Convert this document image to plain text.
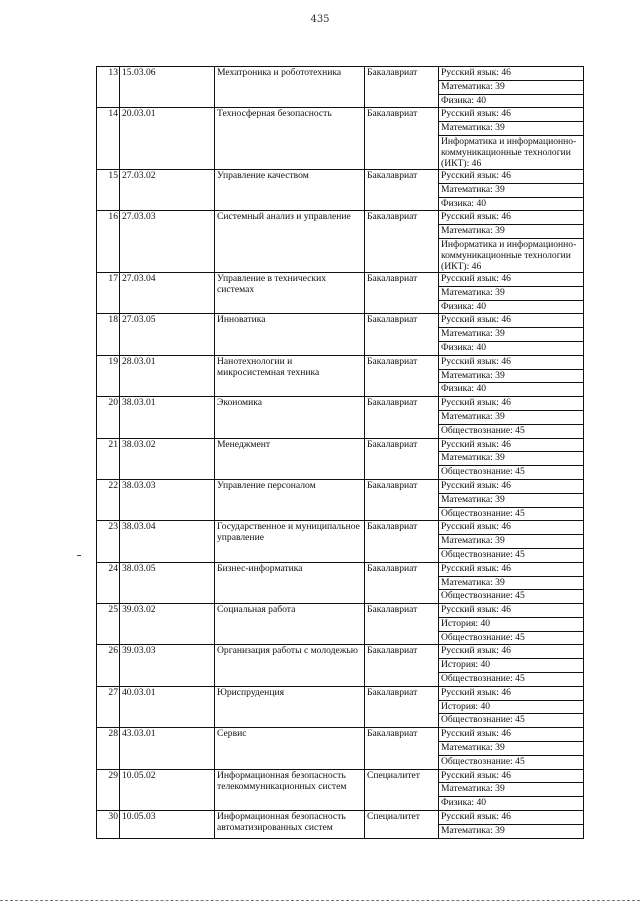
435
13	15.03.06	Мехатроника и робототехника	Бакалавриат	Русский язык: 46
				Математика: 39
				Физика: 40
14	20.03.01	Техносферная безопасность	Бакалавриат	Русский язык: 46
				Математика: 39
				Информатика и информационно-коммуникационные технологии (ИКТ): 46
15	27.03.02	Управление качеством	Бакалавриат	Русский язык: 46
				Математика: 39
				Физика: 40
16	27.03.03	Системный анализ и управление	Бакалавриат	Русский язык: 46
				Математика: 39
				Информатика и информационно-коммуникационные технологии (ИКТ): 46
17	27.03.04	Управление в технических системах	Бакалавриат	Русский язык: 46
				Математика: 39
				Физика: 40
18	27.03.05	Инноватика	Бакалавриат	Русский язык: 46
				Математика: 39
				Физика: 40
19	28.03.01	Нанотехнологии и микросистемная техника	Бакалавриат	Русский язык: 46
				Математика: 39
				Физика: 40
20	38.03.01	Экономика	Бакалавриат	Русский язык: 46
				Математика: 39
				Обществознание: 45
21	38.03.02	Менеджмент	Бакалавриат	Русский язык: 46
				Математика: 39
				Обществознание: 45
22	38.03.03	Управление персоналом	Бакалавриат	Русский язык: 46
				Математика: 39
				Обществознание: 45
23	38.03.04	Государственное и муниципальное управление	Бакалавриат	Русский язык: 46
				Математика: 39
				Обществознание: 45
24	38.03.05	Бизнес-информатика	Бакалавриат	Русский язык: 46
				Математика: 39
				Обществознание: 45
25	39.03.02	Социальная работа	Бакалавриат	Русский язык: 46
				История: 40
				Обществознание: 45
26	39.03.03	Организация работы с молодежью	Бакалавриат	Русский язык: 46
				История: 40
				Обществознание: 45
27	40.03.01	Юриспруденция	Бакалавриат	Русский язык: 46
				История: 40
				Обществознание: 45
28	43.03.01	Сервис	Бакалавриат	Русский язык: 46
				Математика: 39
				Обществознание: 45
29	10.05.02	Информационная безопасность телекоммуникационных систем	Специалитет	Русский язык: 46
				Математика: 39
				Физика: 40
30	10.05.03	Информационная безопасность автоматизированных систем	Специалитет	Русский язык: 46
				Математика: 39
